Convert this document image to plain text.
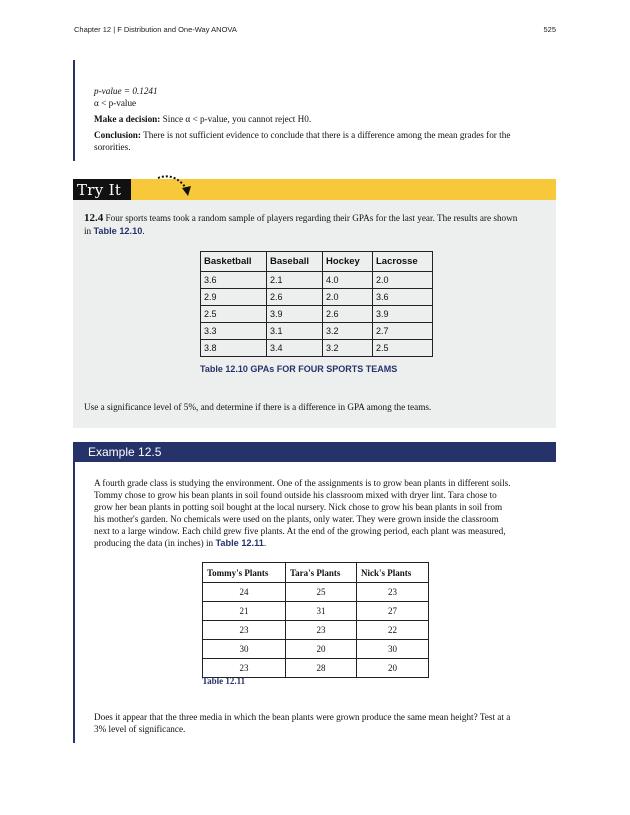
Chapter 12 | F Distribution and One-Way ANOVA	525
p-value = 0.1241
α < p-value
Make a decision: Since α < p-value, you cannot reject H0.
Conclusion: There is not sufficient evidence to conclude that there is a difference among the mean grades for the
sororities.
Try It	Σ
12.4 Four sports teams took a random sample of players regarding their GPAs for the last year. The results are shown
in Table 12.10.
Basketball	Baseball	Hockey	Lacrosse
3.6	2.1	4.0	2.0
2.9	2.6	2.0	3.6
2.5	3.9	2.6	3.9
3.3	3.1	3.2	2.7
3.8	3.4	3.2	2.5
Table 12.10 GPAs FOR FOUR SPORTS TEAMS
Use a significance level of 5%, and determine if there is a difference in GPA among the teams.
Example 12.5
A fourth grade class is studying the environment. One of the assignments is to grow bean plants in different soils.
Tommy chose to grow his bean plants in soil found outside his classroom mixed with dryer lint. Tara chose to
grow her bean plants in potting soil bought at the local nursery. Nick chose to grow his bean plants in soil from
his mother's garden. No chemicals were used on the plants, only water. They were grown inside the classroom
next to a large window. Each child grew five plants. At the end of the growing period, each plant was measured,
producing the data (in inches) in Table 12.11.
Tommy's Plants	Tara's Plants	Nick's Plants
24	25	23
21	31	27
23	23	22
30	20	30
23	28	20
Table 12.11
Does it appear that the three media in which the bean plants were grown produce the same mean height? Test at a
3% level of significance.
